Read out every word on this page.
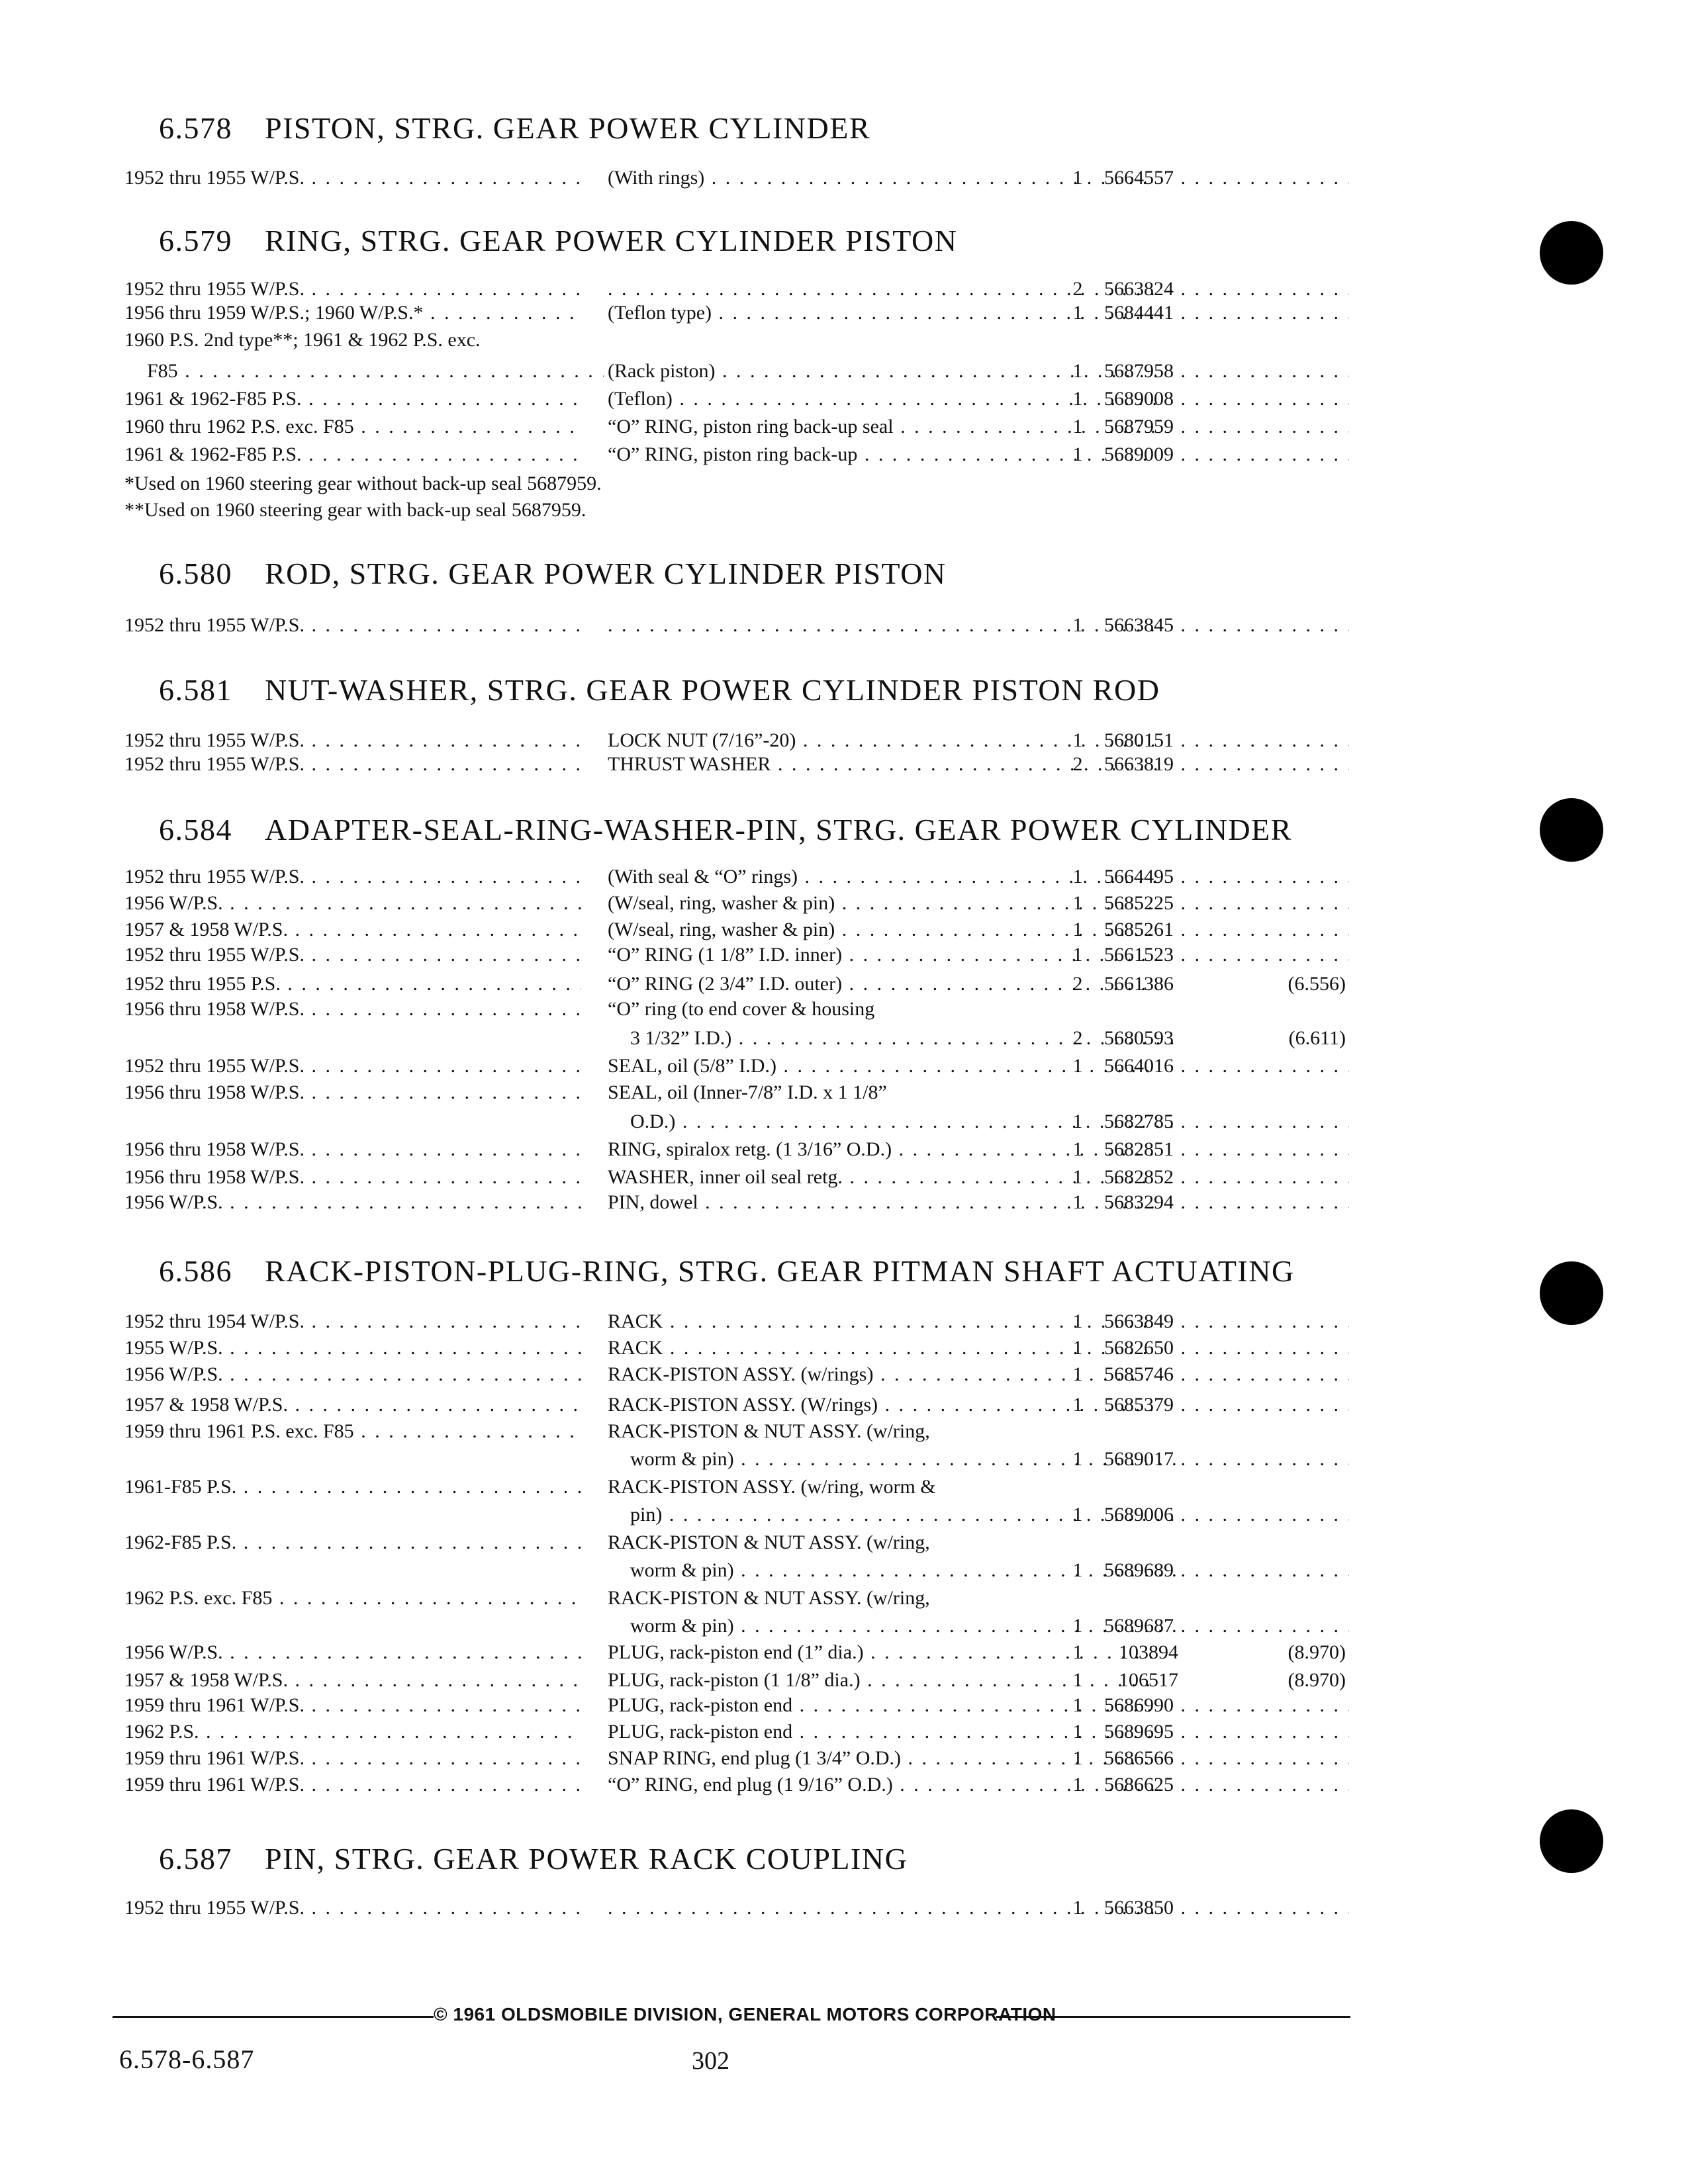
6.578 PISTON, STRG. GEAR POWER CYLINDER
1952 thru 1955 W/P.S. . . .	(With rings) . . .	1	5664557 . . .
6.579 RING, STRG. GEAR POWER CYLINDER PISTON
1952 thru 1955 W/P.S. . . . . . .	2	5663824 . . .
1956 thru 1959 W/P.S.; 1960 W/P.S.* . . .	(Teflon type) . . .	1	5684441 . . .
1960 P.S. 2nd type**; 1961 & 1962 P.S. exc.
F85 . . .	(Rack piston) . . .	1	5687958 . . .
1961 & 1962-F85 P.S. . . .	(Teflon) . . .	1	5689008 . . .
1960 thru 1962 P.S. exc. F85 . . .	“O” RING, piston ring back-up seal . . .	1	5687959 . . .
1961 & 1962-F85 P.S. . . .	“O” RING, piston ring back-up . . .	1	5689009 . . .
*Used on 1960 steering gear without back-up seal 5687959.
**Used on 1960 steering gear with back-up seal 5687959.
6.580 ROD, STRG. GEAR POWER CYLINDER PISTON
1952 thru 1955 W/P.S. . . . . . .	1	5663845 . . .
6.581 NUT-WASHER, STRG. GEAR POWER CYLINDER PISTON ROD
1952 thru 1955 W/P.S. . . .	LOCK NUT (7/16”-20) . . .	1	5680151 . . .
1952 thru 1955 W/P.S. . . .	THRUST WASHER . . .	2	5663819 . . .
6.584 ADAPTER-SEAL-RING-WASHER-PIN, STRG. GEAR POWER CYLINDER
1952 thru 1955 W/P.S. . . .	(With seal & “O” rings) . . .	1	5664495 . . .
1956 W/P.S. . . .	(W/seal, ring, washer & pin) . . .	1	5685225 . . .
1957 & 1958 W/P.S. . . .	(W/seal, ring, washer & pin) . . .	1	5685261 . . .
1952 thru 1955 W/P.S. . . .	“O” RING (1 1/8” I.D. inner) . . .	1	5661523 . . .
1952 thru 1955 P.S. . . .	“O” RING (2 3/4” I.D. outer) . . .	2	5661386	(6.556)
1956 thru 1958 W/P.S. . . .	“O” ring (to end cover & housing
3 1/32” I.D.) . . .	2	5680593	(6.611)
1952 thru 1955 W/P.S. . . .	SEAL, oil (5/8” I.D.) . . .	1	5664016 . . .
1956 thru 1958 W/P.S. . . .	SEAL, oil (Inner-7/8” I.D. x 1 1/8”
O.D.) . . .	1	5682785 . . .
1956 thru 1958 W/P.S. . . .	RING, spiralox retg. (1 3/16” O.D.) . . .	1	5682851 . . .
1956 thru 1958 W/P.S. . . .	WASHER, inner oil seal retg. . . .	1	5682852 . . .
1956 W/P.S. . . .	PIN, dowel . . .	1	5683294 . . .
6.586 RACK-PISTON-PLUG-RING, STRG. GEAR PITMAN SHAFT ACTUATING
1952 thru 1954 W/P.S. . . .	RACK . . .	1	5663849 . . .
1955 W/P.S. . . .	RACK . . .	1	5682650 . . .
1956 W/P.S. . . .	RACK-PISTON ASSY. (w/rings) . . .	1	5685746 . . .
1957 & 1958 W/P.S. . . .	RACK-PISTON ASSY. (W/rings) . . .	1	5685379 . . .
1959 thru 1961 P.S. exc. F85 . . .	RACK-PISTON & NUT ASSY. (w/ring,
worm & pin) . . .	1	5689017 . . .
1961-F85 P.S. . . .	RACK-PISTON ASSY. (w/ring, worm &
pin) . . .	1	5689006 . . .
1962-F85 P.S. . . .	RACK-PISTON & NUT ASSY. (w/ring,
worm & pin) . . .	1	5689689 . . .
1962 P.S. exc. F85 . . .	RACK-PISTON & NUT ASSY. (w/ring,
worm & pin) . . .	1	5689687 . . .
1956 W/P.S. . . .	PLUG, rack-piston end (1” dia.) . . .	1	103894	(8.970)
1957 & 1958 W/P.S. . . .	PLUG, rack-piston (1 1/8” dia.) . . .	1	106517	(8.970)
1959 thru 1961 W/P.S. . . .	PLUG, rack-piston end . . .	1	5686990 . . .
1962 P.S. . . .	PLUG, rack-piston end . . .	1	5689695 . . .
1959 thru 1961 W/P.S. . . .	SNAP RING, end plug (1 3/4” O.D.) . . .	1	5686566 . . .
1959 thru 1961 W/P.S. . . .	“O” RING, end plug (1 9/16” O.D.) . . .	1	5686625 . . .
6.587 PIN, STRG. GEAR POWER RACK COUPLING
1952 thru 1955 W/P.S. . . . . . .	1	5663850 . . .
© 1961 OLDSMOBILE DIVISION, GENERAL MOTORS CORPORATION
6.578-6.587	302
